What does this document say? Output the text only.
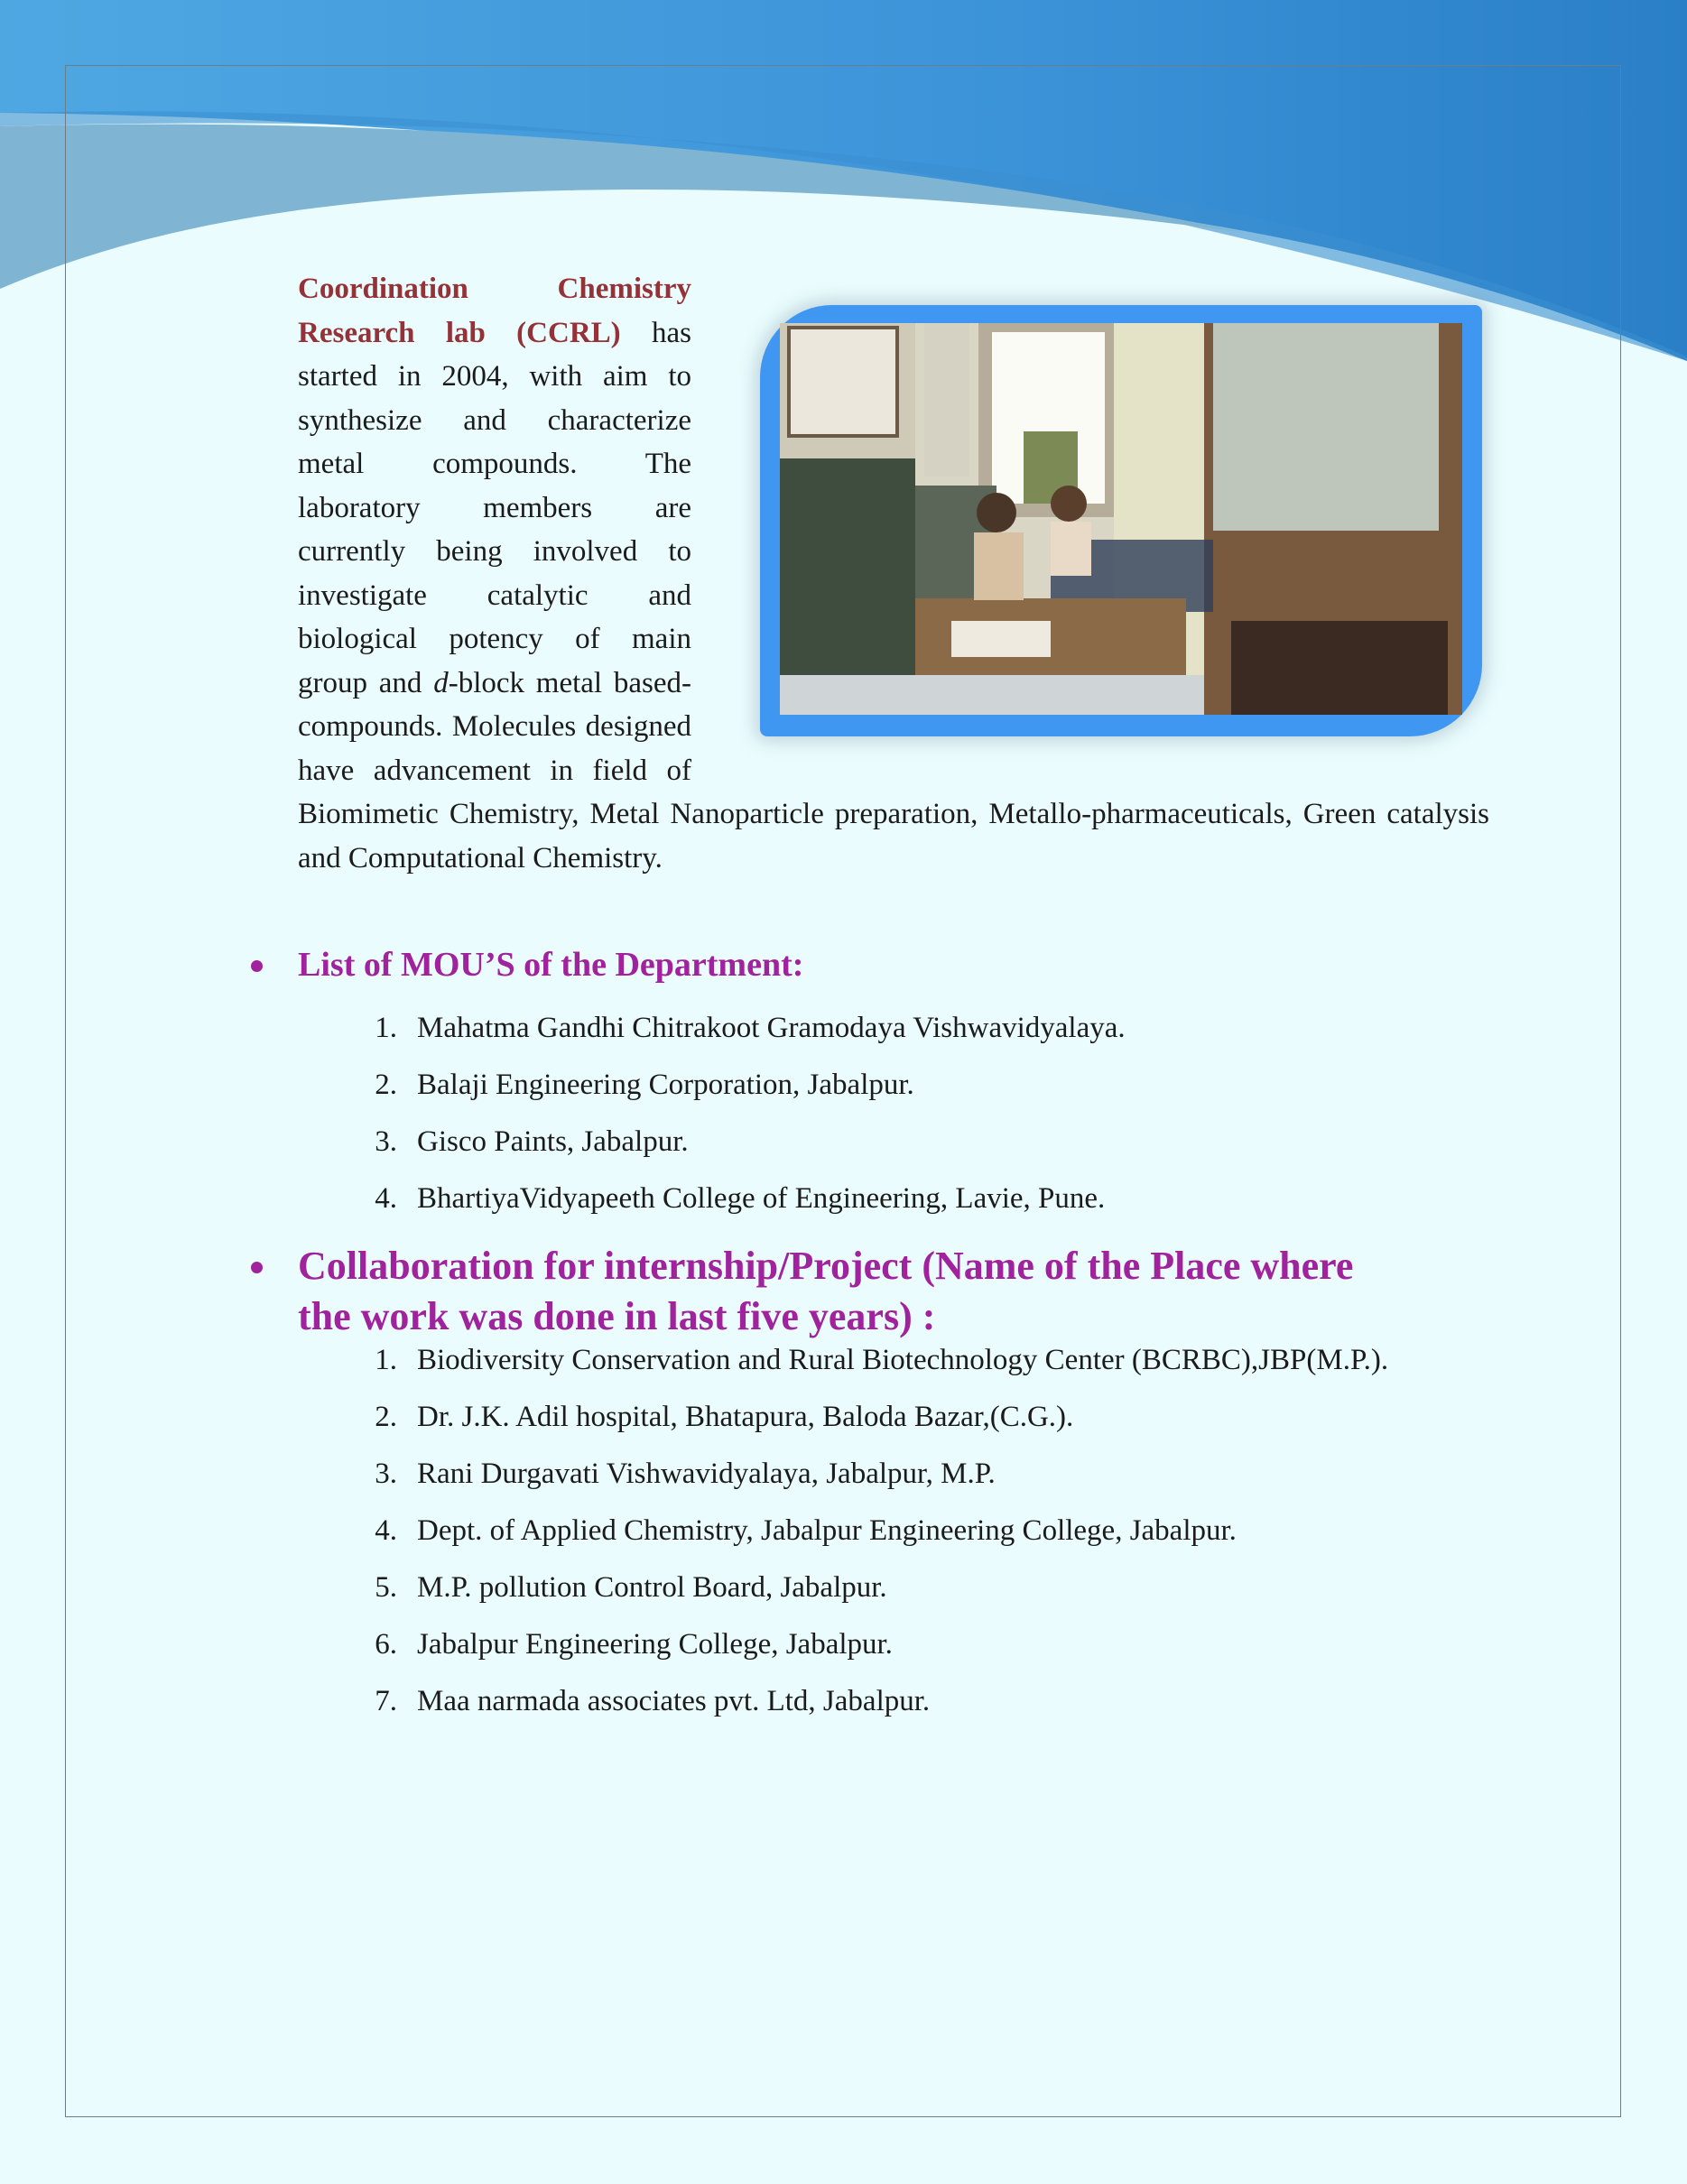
Coordination Chemistry Research lab (CCRL) has started in 2004, with aim to synthesize and characterize metal compounds. The laboratory members are currently being involved to investigate catalytic and biological potency of main group and d-block metal based-compounds. Molecules designed have advancement in field of Biomimetic Chemistry, Metal Nanoparticle preparation, Metallo-pharmaceuticals, Green catalysis and Computational Chemistry.
List of MOU’S of the Department:
1. Mahatma Gandhi Chitrakoot Gramodaya Vishwavidyalaya.
2. Balaji Engineering Corporation, Jabalpur.
3. Gisco Paints, Jabalpur.
4. BhartiyaVidyapeeth College of Engineering, Lavie, Pune.
Collaboration for internship/Project (Name of the Place where
the work was done in last five years) :
1. Biodiversity Conservation and Rural Biotechnology Center (BCRBC),JBP(M.P.).
2. Dr. J.K. Adil hospital, Bhatapura, Baloda Bazar,(C.G.).
3. Rani Durgavati Vishwavidyalaya, Jabalpur, M.P.
4. Dept. of Applied Chemistry, Jabalpur Engineering College, Jabalpur.
5. M.P. pollution Control Board, Jabalpur.
6. Jabalpur Engineering College, Jabalpur.
7. Maa narmada associates pvt. Ltd, Jabalpur.
